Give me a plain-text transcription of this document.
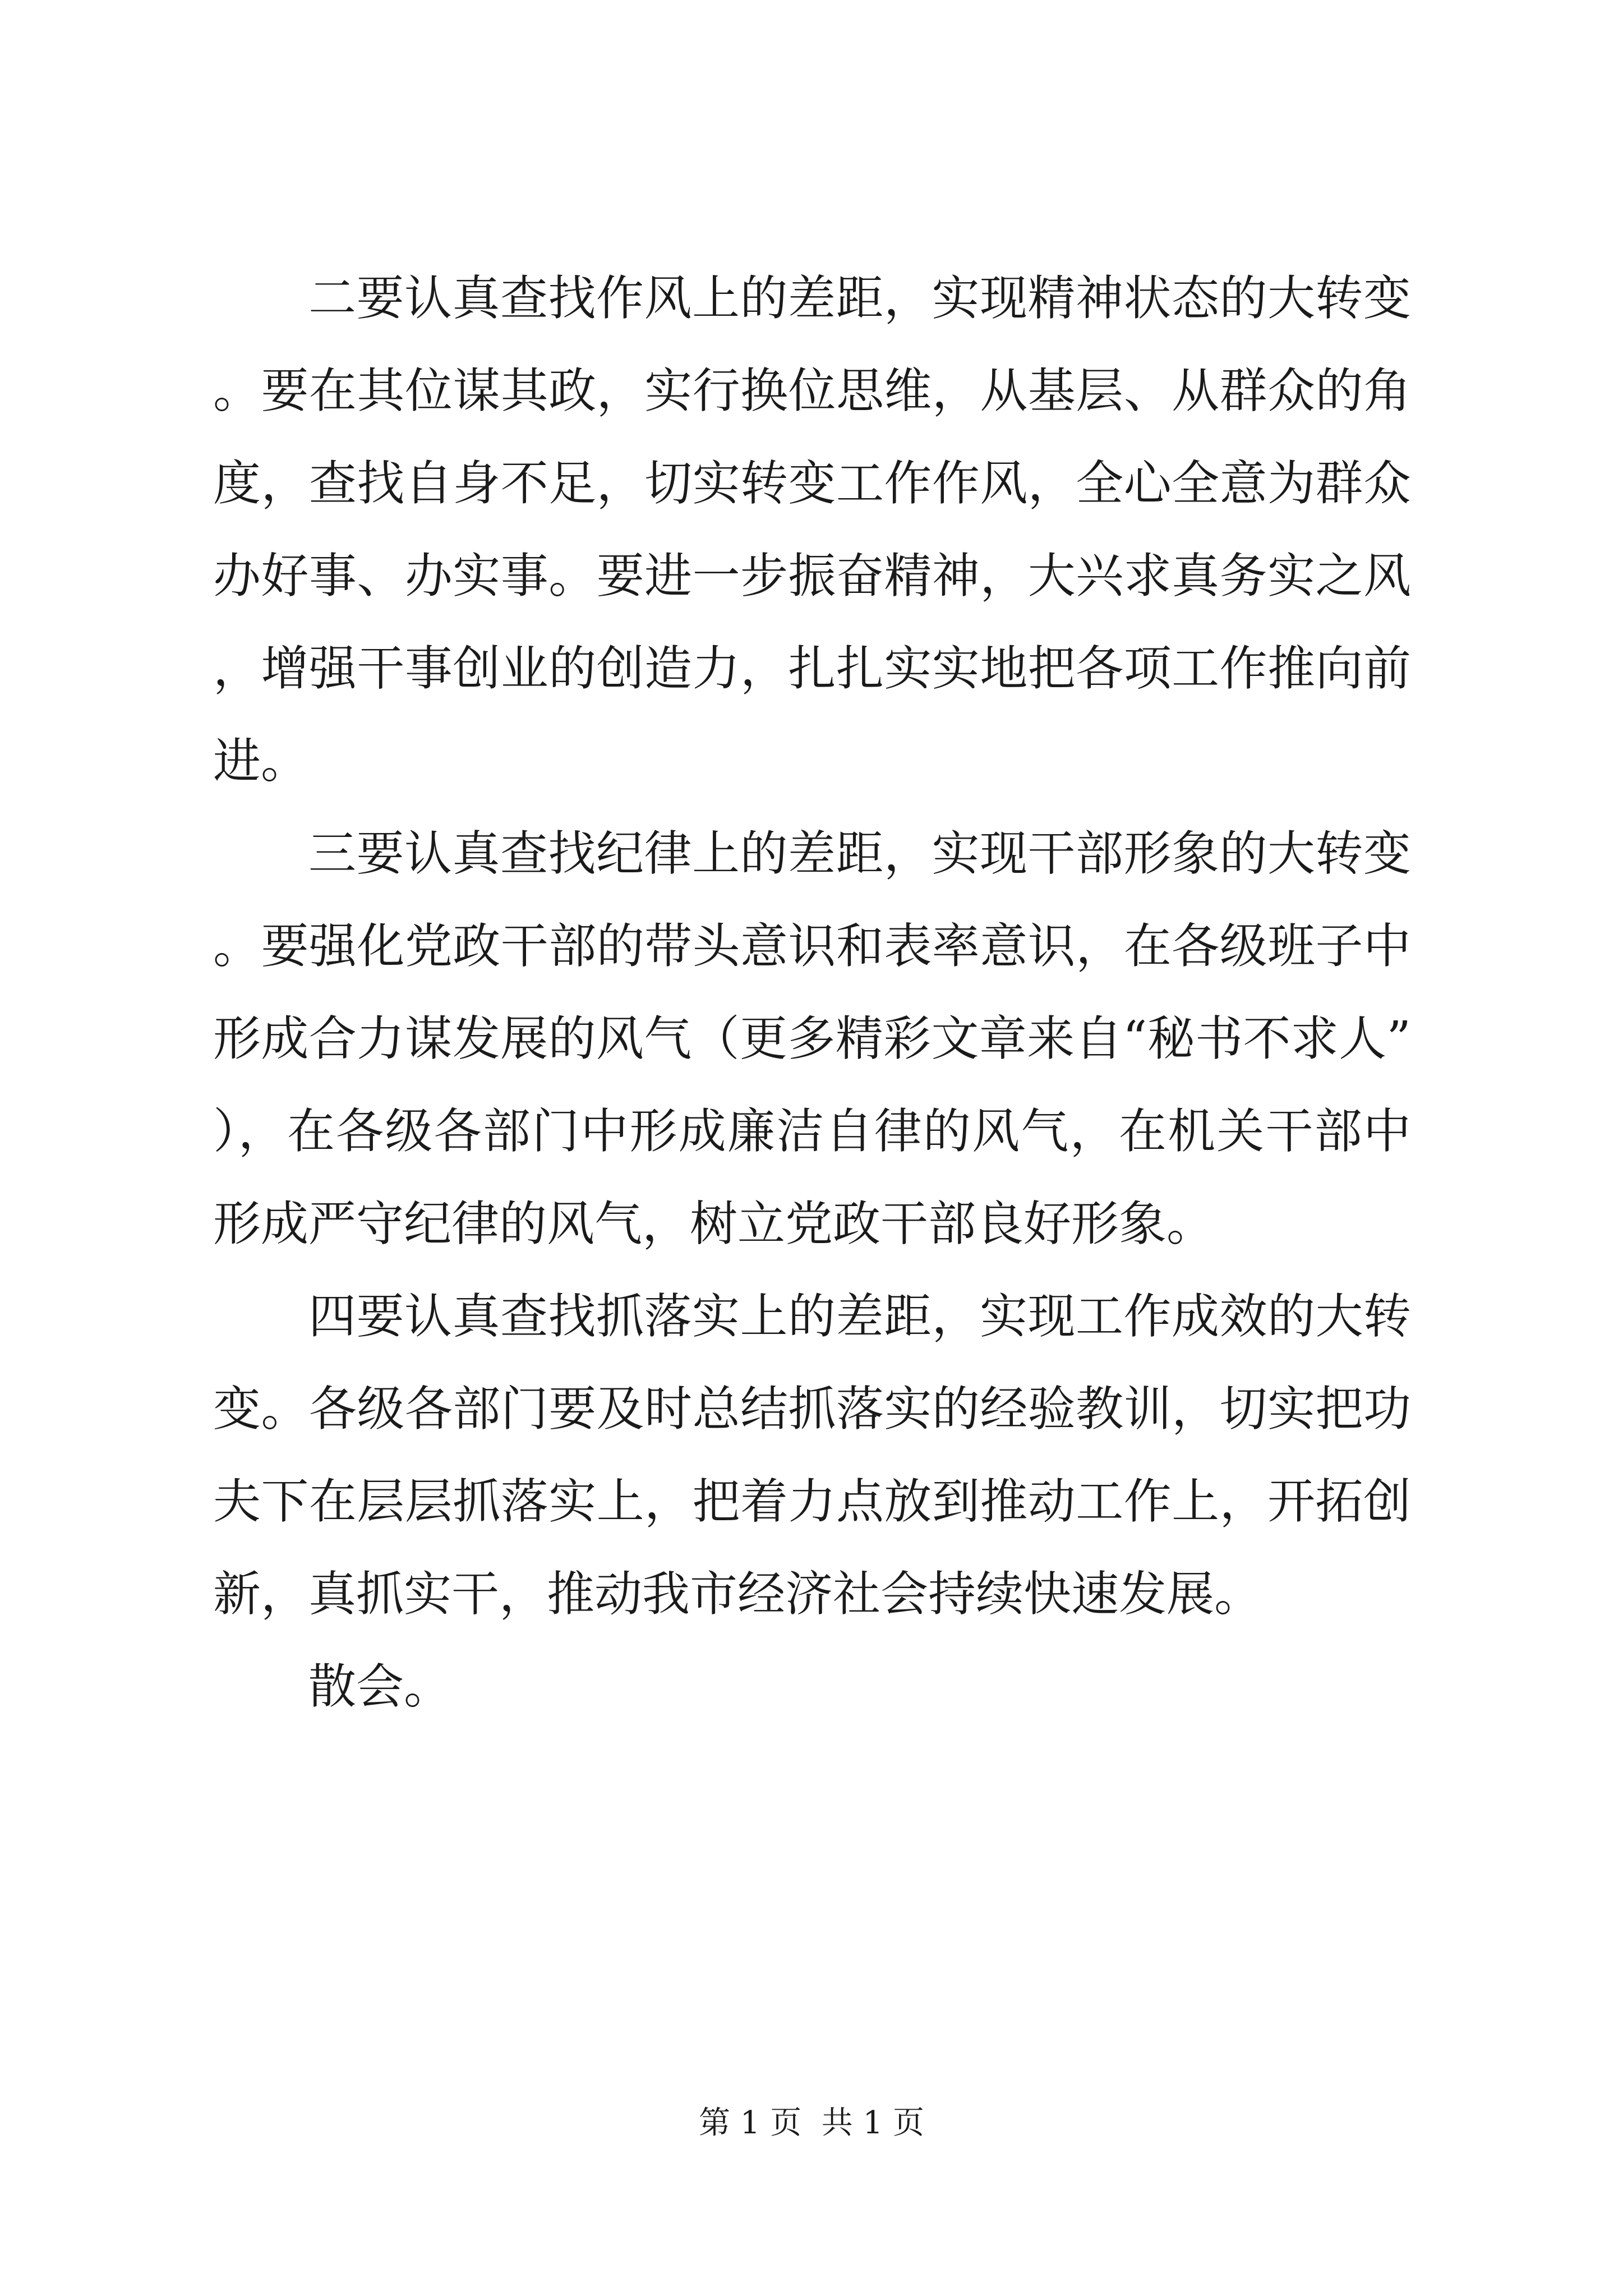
二要认真查找作风上的差距，实现精神状态的大转变。要在其位谋其政，实行换位思维，从基层、从群众的角度，查找自身不足，切实转变工作作风，全心全意为群众办好事、办实事。要进一步振奋精神，大兴求真务实之风，增强干事创业的创造力，扎扎实实地把各项工作推向前进。

三要认真查找纪律上的差距，实现干部形象的大转变。要强化党政干部的带头意识和表率意识，在各级班子中形成合力谋发展的风气（更多精彩文章来自“秘书不求人”），在各级各部门中形成廉洁自律的风气，在机关干部中形成严守纪律的风气，树立党政干部良好形象。

四要认真查找抓落实上的差距，实现工作成效的大转变。各级各部门要及时总结抓落实的经验教训，切实把功夫下在层层抓落实上，把着力点放到推动工作上，开拓创新，真抓实干，推动我市经济社会持续快速发展。

散会。

第 1 页  共 1 页
